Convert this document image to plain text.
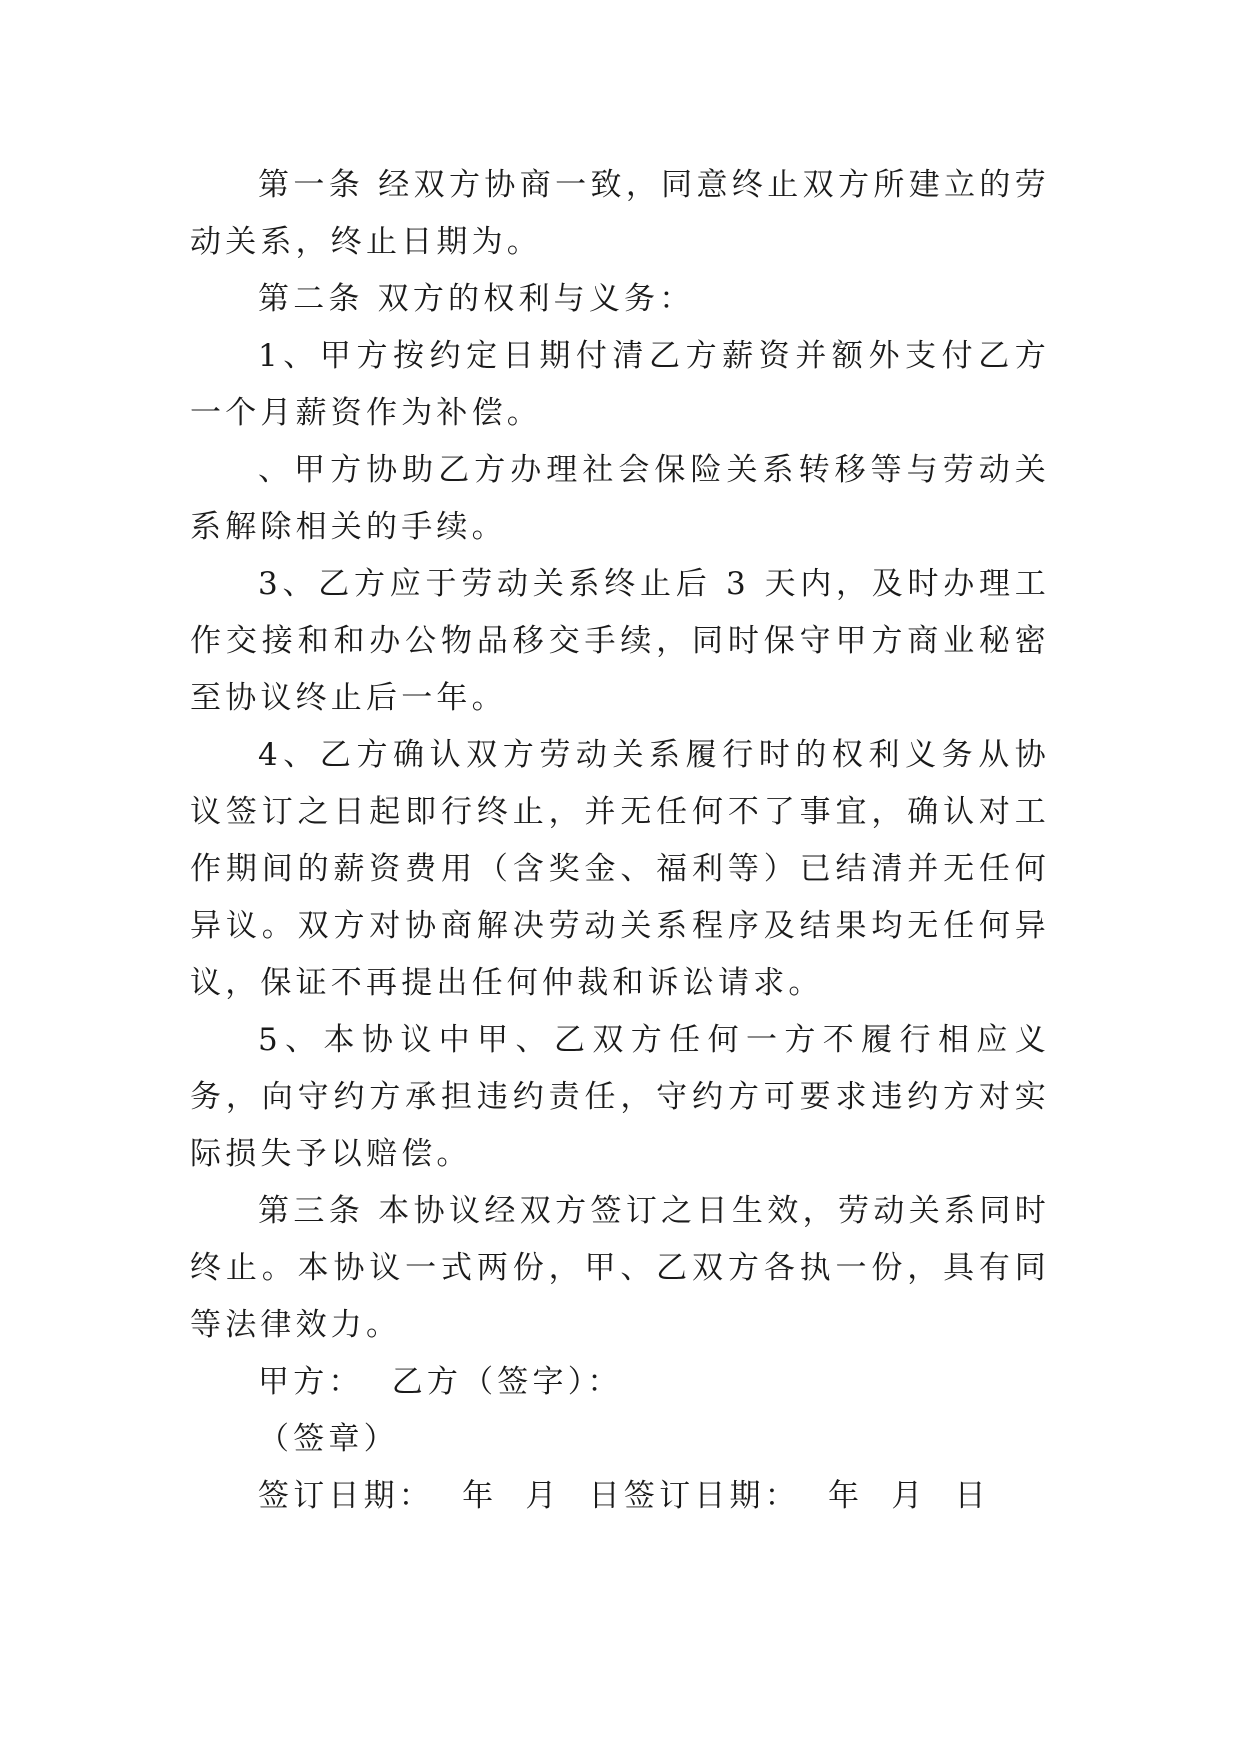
第一条 经双方协商一致，同意终止双方所建立的劳动关系，终止日期为。

第二条 双方的权利与义务：

1、甲方按约定日期付清乙方薪资并额外支付乙方一个月薪资作为补偿。

、甲方协助乙方办理社会保险关系转移等与劳动关系解除相关的手续。

3、乙方应于劳动关系终止后 3 天内，及时办理工作交接和和办公物品移交手续，同时保守甲方商业秘密至协议终止后一年。

4、乙方确认双方劳动关系履行时的权利义务从协议签订之日起即行终止，并无任何不了事宜，确认对工作期间的薪资费用（含奖金、福利等）已结清并无任何异议。双方对协商解决劳动关系程序及结果均无任何异议，保证不再提出任何仲裁和诉讼请求。

5、本协议中甲、乙双方任何一方不履行相应义务，向守约方承担违约责任，守约方可要求违约方对实际损失予以赔偿。

第三条 本协议经双方签订之日生效，劳动关系同时终止。本协议一式两份，甲、乙双方各执一份，具有同等法律效力。

甲方：  乙方（签字）：

（签章）

签订日期：  年  月  日签订日期：  年  月  日
